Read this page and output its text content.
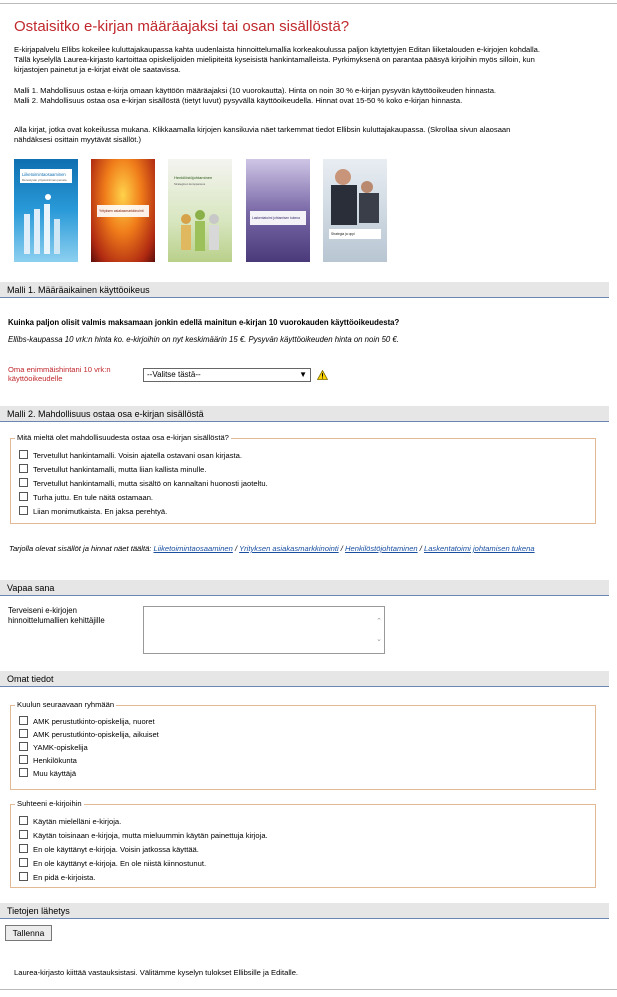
Ostaisitko e-kirjan määräajaksi tai osan sisällöstä?
E-kirjapalvelu Ellibs kokeilee kuluttajakaupassa kahta uudenlaista hinnoittelumallia korkeakoulussa paljon käytettyjen Editan liiketalouden e-kirjojen kohdalla.
Tällä kyselyllä Laurea-kirjasto kartoittaa opiskelijoiden mielipiteitä kyseisistä hankintamalleista. Pyrkimyksenä on parantaa pääsyä kirjoihin myös silloin, kun
kirjastojen painetut ja e-kirjat eivät ole saatavissa.
Malli 1. Mahdollisuus ostaa e-kirja omaan käyttöön määräajaksi (10 vuorokautta). Hinta on noin 30 % e-kirjan pysyvän käyttöoikeuden hinnasta.
Malli 2. Mahdollisuus ostaa osa e-kirjan sisällöstä (tietyt luvut) pysyvällä käyttöoikeudella. Hinnat ovat 15-50 % koko e-kirjan hinnasta.
Alla kirjat, jotka ovat kokeilussa mukana. Klikkaamalla kirjojen kansikuvia näet tarkemmat tiedot Ellibsin kuluttajakaupassa. (Skrollaa sivun alaosaan
nähdäksesi osittain myytävät sisällöt.)
Liiketoimintaosaaminen
Menestyvän yritystoiminnan perusta
Yrityksen asiakasmarkkinointi
Henkilöstöjohtaminen
Strateginen kumppanuus
Laskentatoimi johtamisen tukena
Strategia ja oppi
Malli 1. Määräaikainen käyttöoikeus
Kuinka paljon olisit valmis maksamaan jonkin edellä mainitun e-kirjan 10 vuorokauden käyttöoikeudesta?
Ellibs-kaupassa 10 vrk:n hinta ko. e-kirjoihin on nyt keskimäärin 15 €. Pysyvän käyttöoikeuden hinta on noin 50 €.
Oma enimmäishintani 10 vrk:n käyttöoikeudelle	--Valitse tästä--	▼
Malli 2. Mahdollisuus ostaa osa e-kirjan sisällöstä
Mitä mieltä olet mahdollisuudesta ostaa osa e-kirjan sisällöstä?
Tervetullut hankintamalli. Voisin ajatella ostavani osan kirjasta.
Tervetullut hankintamalli, mutta liian kallista minulle.
Tervetullut hankintamalli, mutta sisältö on kannaltani huonosti jaoteltu.
Turha juttu. En tule näitä ostamaan.
Liian monimutkaista. En jaksa perehtyä.
Tarjolla olevat sisällöt ja hinnat näet täältä: Liiketoimintaosaaminen / Yrityksen asiakasmarkkinointi / Henkilöstöjohtaminen / Laskentatoimi johtamisen tukena
Vapaa sana
Terveiseni e-kirjojen hinnoittelumallien kehittäjille	⌃
⌄
Omat tiedot
Kuulun seuraavaan ryhmään
AMK perustutkinto-opiskelija, nuoret
AMK perustutkinto-opiskelija, aikuiset
YAMK-opiskelija
Henkilökunta
Muu käyttäjä
Suhteeni e-kirjoihin
Käytän mielelläni e-kirjoja.
Käytän toisinaan e-kirjoja, mutta mieluummin käytän painettuja kirjoja.
En ole käyttänyt e-kirjoja. Voisin jatkossa käyttää.
En ole käyttänyt e-kirjoja. En ole niistä kiinnostunut.
En pidä e-kirjoista.
Tietojen lähetys
Tallenna
Laurea-kirjasto kiittää vastauksistasi. Välitämme kyselyn tulokset Ellibsille ja Editalle.
